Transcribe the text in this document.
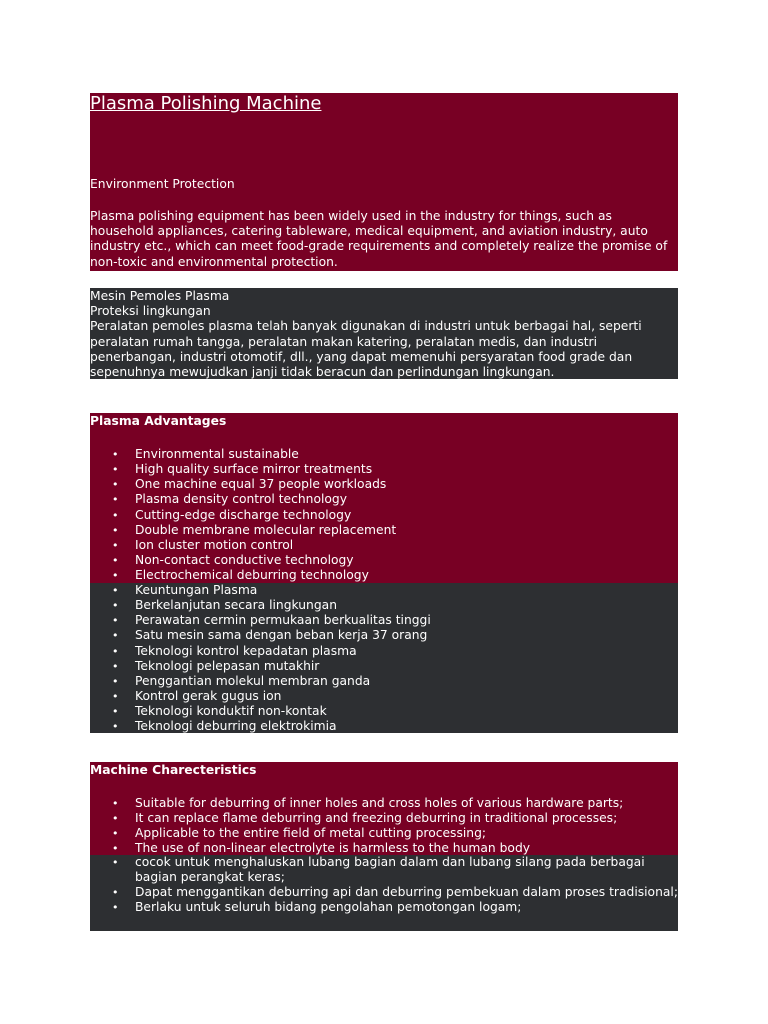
Plasma Polishing Machine
Environment Protection

Plasma polishing equipment has been widely used in the industry for things, such as household appliances, catering tableware, medical equipment, and aviation industry, auto industry etc., which can meet food-grade requirements and completely realize the promise of non-toxic and environmental protection.

Mesin Pemoles Plasma
Proteksi lingkungan
Peralatan pemoles plasma telah banyak digunakan di industri untuk berbagai hal, seperti peralatan rumah tangga, peralatan makan katering, peralatan medis, dan industri penerbangan, industri otomotif, dll., yang dapat memenuhi persyaratan food grade dan sepenuhnya mewujudkan janji tidak beracun dan perlindungan lingkungan.
Plasma Advantages
• Environmental sustainable
• High quality surface mirror treatments
• One machine equal 37 people workloads
• Plasma density control technology
• Cutting-edge discharge technology
• Double membrane molecular replacement
• Ion cluster motion control
• Non-contact conductive technology
• Electrochemical deburring technology
• Keuntungan Plasma
• Berkelanjutan secara lingkungan
• Perawatan cermin permukaan berkualitas tinggi
• Satu mesin sama dengan beban kerja 37 orang
• Teknologi kontrol kepadatan plasma
• Teknologi pelepasan mutakhir
• Penggantian molekul membran ganda
• Kontrol gerak gugus ion
• Teknologi konduktif non-kontak
• Teknologi deburring elektrokimia
Machine Charecteristics
• Suitable for deburring of inner holes and cross holes of various hardware parts;
• It can replace flame deburring and freezing deburring in traditional processes;
• Applicable to the entire field of metal cutting processing;
• The use of non-linear electrolyte is harmless to the human body
• cocok untuk menghaluskan lubang bagian dalam dan lubang silang pada berbagai bagian perangkat keras;
• Dapat menggantikan deburring api dan deburring pembekuan dalam proses tradisional;
• Berlaku untuk seluruh bidang pengolahan pemotongan logam;
